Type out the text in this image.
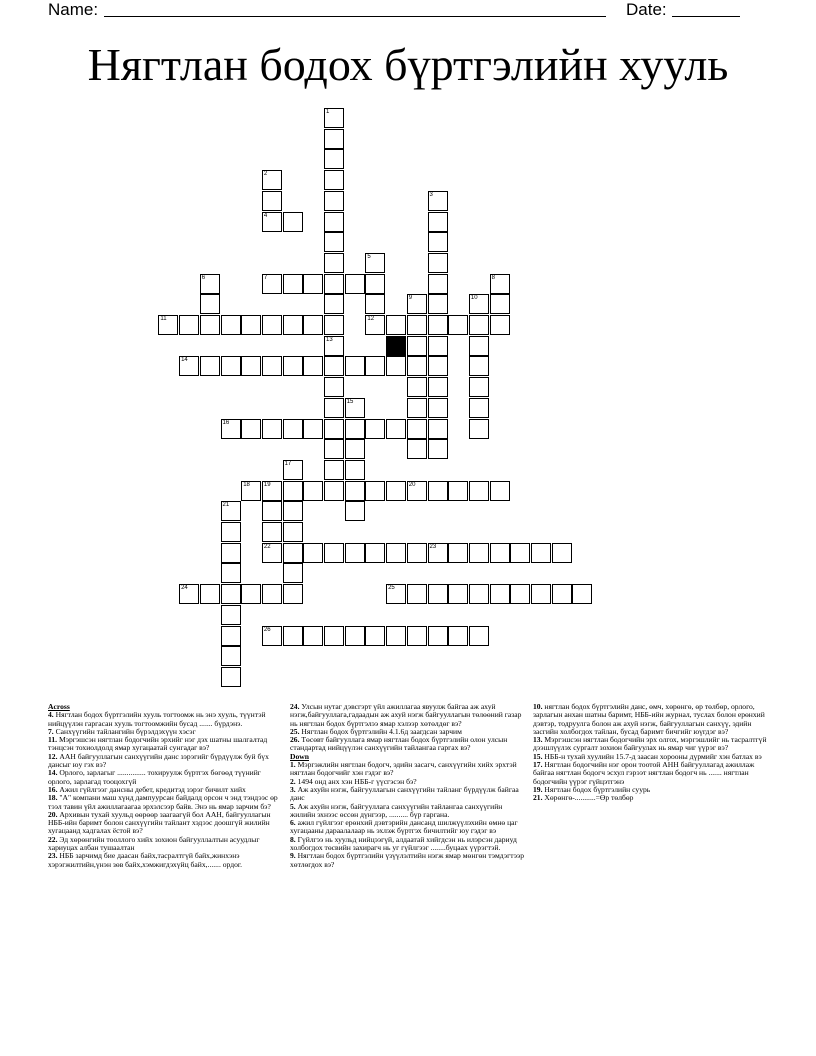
Name:	Date:
Нягтлан бодох бүртгэлийн хууль
1
13
2
4
3
5
12
6	7	8
9	10
11
14
15
16
17
18 19	20
21
22	23
24	25
26
Across
4. Нягтлан бодох бүртгэлийн хууль тогтоомж нь энэ хууль, түүнтэй нийцүүлэн гаргасан хууль тогтоомжийн бусад ....... бүрдэнэ.
7. Санхүүгийн тайлангийн бүрэлдэхүүн хэсэг
11. Мэргэшсэн нягтлан бодогчийн эрхийг нэг дэх шатны шалгалтад тэнцсэн тохиолдолд ямар хугацаатай сунгадаг вэ?
12. ААН байгууллагын санхүүгийн данс зэрэгийг бүрдүүлж буй бүх дансыг юу гэх вэ?
14. Орлого, зарлагыг ............... тохируулж бүртгэх бөгөөд түүнийг орлого, зарлагад тооцохгүй
16. Ажил гүйлгээг дансны дебет, кредитэд зэрэг бичилт хийх
18. "А" компани маш хүнд дампуурсан байдалд орсон ч энд тэндээс өр тээл тавин үйл ажиллагаагаа эрхэлсээр байв. Энэ нь ямар зарчим бэ?
20. Архивын тухай хуульд өөрөөр заагаагүй бол ААН, байгууллагын НББ-ийн баримт болон санхүүгийн тайлант хэдээс доошгүй жилийн хугацаанд хадгалах ёстой вэ?
22. Эд хөрөнгийн тооллого хийх зохион байгууллалтын асуудлыг хариуцах албан тушаалтан
23. НББ зарчимд бие даасан байх,тасралтгүй байх,жинхэнэ хэрэгжилтийн,үнэн зөв байх,хэмжигдэхүйц байх,....... ордог.
24. Улсын нутаг дэвсгэрт үйл ажиллагаа явуулж байгаа аж ахуй нэгж,байгууллага,гадаадын аж ахуй нэгж байгууллагын төлөөний газар нь нягтлан бодох бүртгэлээ ямар хэлээр хөтөлдөг вэ?
25. Нягтлан бодох бүртгэлийн 4.1.6д заагдсан зарчим
26. Төсөвт байгууллага ямар нягтлан бодох бүртгэлийн олон улсын стандартад нийцүүлэн санхүүгийн тайлангаа гаргах вэ?
Down
1. Мэргэжлийн нягтлан бодогч, эдийн засагч, санхүүгийн хийх эрхтэй нягтлан бодогчийг хэн гэдэг вэ?
2. 1494 онд анх хэн НББ-г үүсгэсэн бэ?
3. Аж ахуйн нэгж, байгууллагын санхүүгийн тайланг бүрдүүлж байгаа данс
5. Аж ахуйн нэгж, байгууллага санхүүгийн тайлангаа санхүүгийн жилийн эхнээс өссөн дүнгээр, .......... бүр гаргана.
6. ажил гүйлгээг ерөнхий дэвтэрийн дансанд шилжүүлэхийн өмнө цаг хугацааны дараалалаар нь эхлэж бүртгэх бичилтийг юу гэдэг вэ
8. Гүйлгээ нь хуульд нийцээгүй, алдаатай хийгдсэн нь илэрсэн дариуд холбогдох төсвийн захирагч нь уг гүйлгээг ........буцаах үүрэгтэй.
9. Нягтлан бодох бүртгэлийн үзүүлэлтийн нэгж ямар мөнгөн тэмдэгтээр хөтлөгдох вэ?
10. нягтлан бодох бүртгэлийн данс, өмч, хөрөнгө, өр төлбөр, орлого, зарлагын анхан шатны баримт, НББ-ийн журнал, туслах болон ерөнхий дэвтэр, тодруулга болон аж ахуй нэгж, байгууллагын санхүү, эдийн засгийн холбогдох тайлан, бусад баримт бичгийг юүгдэг вэ?
13. Мэргэшсэн нягтлан бодогчийн эрх олгох, мэргэшлийг нь тасралтгүй дээшлүүлэх сургалт зохион байгуулах нь ямар чиг үүрэг вэ?
15. НББ-н тухай хуулийн 15.7-д заасан хорооны дүрмийг хэн батлах вэ
17. Нягтлан бодогчийн нэг орон тоотой АНН байгууллагад ажиллаж байгаа нягтлан бодогч эсхул гэрээт нягтлан бодогч нь ....... нягтлан бодогчийн үүрэг гүйцэтгэнэ
19. Нягтлан бодох бүртгэлийн суурь
21. Хөрөнгө-...........=Өр төлбөр
